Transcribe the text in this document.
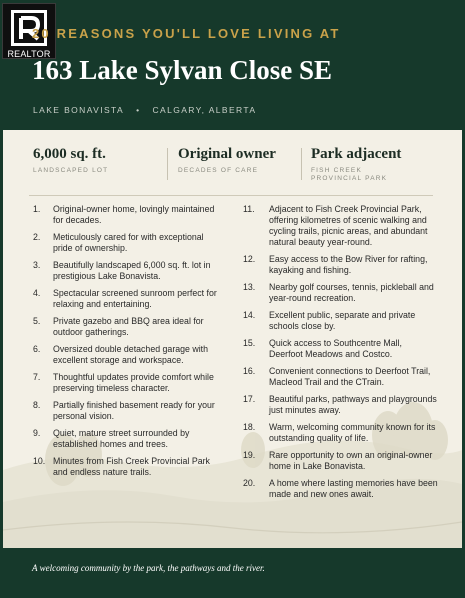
REALTOR
20 REASONS YOU'LL LOVE LIVING AT
163 Lake Sylvan Close SE
LAKE BONAVISTA • CALGARY, ALBERTA
6,000 sq. ft.
LANDSCAPED LOT
Original owner
DECADES OF CARE
Park adjacent
FISH CREEK PROVINCIAL PARK
1. Original-owner home, lovingly maintained for decades.
2. Meticulously cared for with exceptional pride of ownership.
3. Beautifully landscaped 6,000 sq. ft. lot in prestigious Lake Bonavista.
4. Spectacular screened sunroom perfect for relaxing and entertaining.
5. Private gazebo and BBQ area ideal for outdoor gatherings.
6. Oversized double detached garage with excellent storage and workspace.
7. Thoughtful updates provide comfort while preserving timeless character.
8. Partially finished basement ready for your personal vision.
9. Quiet, mature street surrounded by established homes and trees.
10. Minutes from Fish Creek Provincial Park and endless nature trails.
11. Adjacent to Fish Creek Provincial Park, offering kilometres of scenic walking and cycling trails, picnic areas, and abundant natural beauty year-round.
12. Easy access to the Bow River for rafting, kayaking and fishing.
13. Nearby golf courses, tennis, pickleball and year-round recreation.
14. Excellent public, separate and private schools close by.
15. Quick access to Southcentre Mall, Deerfoot Meadows and Costco.
16. Convenient connections to Deerfoot Trail, Macleod Trail and the CTrain.
17. Beautiful parks, pathways and playgrounds just minutes away.
18. Warm, welcoming community known for its outstanding quality of life.
19. Rare opportunity to own an original-owner home in Lake Bonavista.
20. A home where lasting memories have been made and new ones await.
A welcoming community by the park, the pathways and the river.
